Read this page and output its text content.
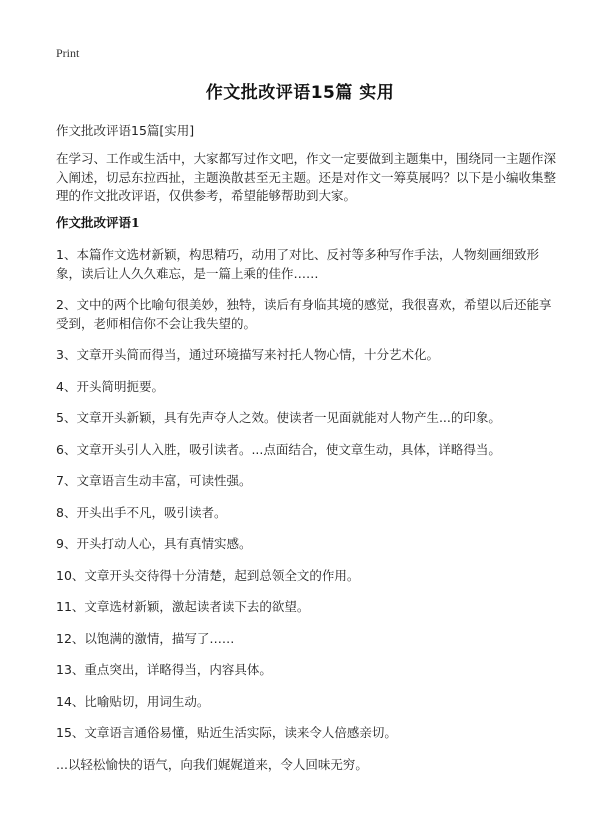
Print
作文批改评语15篇 实用
作文批改评语15篇[实用]

在学习、工作或生活中，大家都写过作文吧，作文一定要做到主题集中，围绕同一主题作深入阐述，切忌东拉西扯，主题涣散甚至无主题。还是对作文一筹莫展吗？以下是小编收集整理的作文批改评语，仅供参考，希望能够帮助到大家。

作文批改评语1
1、本篇作文选材新颖，构思精巧，动用了对比、反衬等多种写作手法，人物刻画细致形象，读后让人久久难忘，是一篇上乘的佳作……
2、文中的两个比喻句很美妙，独特，读后有身临其境的感觉，我很喜欢，希望以后还能享受到，老师相信你不会让我失望的。
3、文章开头简而得当，通过环境描写来衬托人物心情，十分艺术化。
4、开头简明扼要。
5、文章开头新颖，具有先声夺人之效。使读者一见面就能对人物产生...的印象。
6、文章开头引人入胜，吸引读者。...点面结合，使文章生动，具体，详略得当。
7、文章语言生动丰富，可读性强。
8、开头出手不凡，吸引读者。
9、开头打动人心，具有真情实感。
10、文章开头交待得十分清楚，起到总领全文的作用。
11、文章选材新颖，激起读者读下去的欲望。
12、以饱满的激情，描写了……
13、重点突出，详略得当，内容具体。
14、比喻贴切，用词生动。
15、文章语言通俗易懂，贴近生活实际，读来令人倍感亲切。
...以轻松愉快的语气，向我们娓娓道来，令人回味无穷。
